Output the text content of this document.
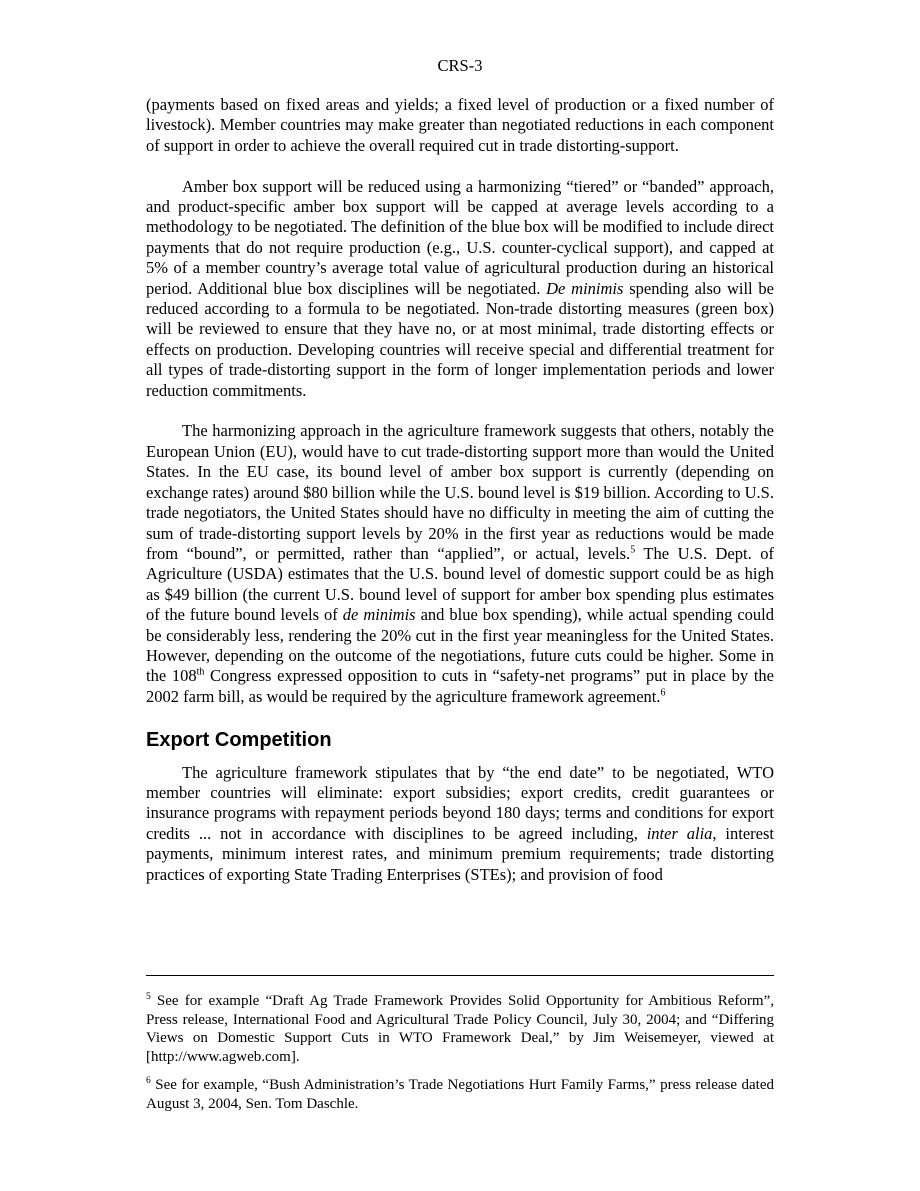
CRS-3

(payments based on fixed areas and yields; a fixed level of production or a fixed number of livestock). Member countries may make greater than negotiated reductions in each component of support in order to achieve the overall required cut in trade distorting-support.

Amber box support will be reduced using a harmonizing “tiered” or “banded” approach, and product-specific amber box support will be capped at average levels according to a methodology to be negotiated. The definition of the blue box will be modified to include direct payments that do not require production (e.g., U.S. counter-cyclical support), and capped at 5% of a member country’s average total value of agricultural production during an historical period. Additional blue box disciplines will be negotiated. De minimis spending also will be reduced according to a formula to be negotiated. Non-trade distorting measures (green box) will be reviewed to ensure that they have no, or at most minimal, trade distorting effects or effects on production. Developing countries will receive special and differential treatment for all types of trade-distorting support in the form of longer implementation periods and lower reduction commitments.

The harmonizing approach in the agriculture framework suggests that others, notably the European Union (EU), would have to cut trade-distorting support more than would the United States. In the EU case, its bound level of amber box support is currently (depending on exchange rates) around $80 billion while the U.S. bound level is $19 billion. According to U.S. trade negotiators, the United States should have no difficulty in meeting the aim of cutting the sum of trade-distorting support levels by 20% in the first year as reductions would be made from “bound”, or permitted, rather than “applied”, or actual, levels.$^5$ The U.S. Dept. of Agriculture (USDA) estimates that the U.S. bound level of domestic support could be as high as $49 billion (the current U.S. bound level of support for amber box spending plus estimates of the future bound levels of de minimis and blue box spending), while actual spending could be considerably less, rendering the 20% cut in the first year meaningless for the United States. However, depending on the outcome of the negotiations, future cuts could be higher. Some in the 108th Congress expressed opposition to cuts in “safety-net programs” put in place by the 2002 farm bill, as would be required by the agriculture framework agreement.$^6$

Export Competition

The agriculture framework stipulates that by “the end date” to be negotiated, WTO member countries will eliminate: export subsidies; export credits, credit guarantees or insurance programs with repayment periods beyond 180 days; terms and conditions for export credits ... not in accordance with disciplines to be agreed including, inter alia, interest payments, minimum interest rates, and minimum premium requirements; trade distorting practices of exporting State Trading Enterprises (STEs); and provision of food

$^5$ See for example “Draft Ag Trade Framework Provides Solid Opportunity for Ambitious Reform”, Press release, International Food and Agricultural Trade Policy Council, July 30, 2004; and “Differing Views on Domestic Support Cuts in WTO Framework Deal,” by Jim Weisemeyer, viewed at [http://www.agweb.com].

$^6$ See for example, “Bush Administration’s Trade Negotiations Hurt Family Farms,” press release dated August 3, 2004, Sen. Tom Daschle.
